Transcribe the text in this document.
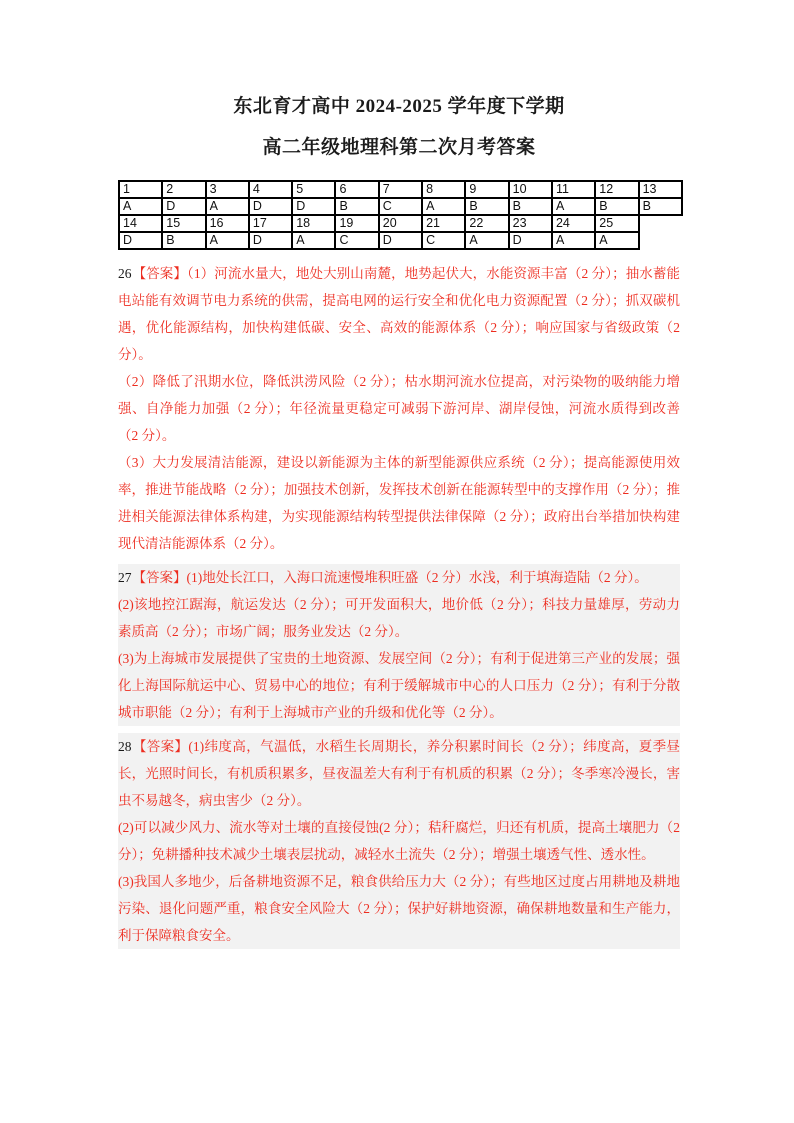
东北育才高中 2024-2025 学年度下学期
高二年级地理科第二次月考答案
1	2	3	4	5	6	7	8	9	10	11	12	13
A	D	A	D	D	B	C	A	B	B	A	B	B
14	15	16	17	18	19	20	21	22	23	24	25	
D	B	A	D	A	C	D	C	A	D	A	A	

26【答案】（1）河流水量大，地处大别山南麓，地势起伏大，水能资源丰富（2 分）；抽水蓄能电站能有效调节电力系统的供需，提高电网的运行安全和优化电力资源配置（2 分）；抓双碳机遇，优化能源结构，加快构建低碳、安全、高效的能源体系（2 分）；响应国家与省级政策（2 分）。

（2）降低了汛期水位，降低洪涝风险（2 分）；枯水期河流水位提高，对污染物的吸纳能力增强、自净能力加强（2 分）；年径流量更稳定可减弱下游河岸、湖岸侵蚀，河流水质得到改善（2 分）。

（3）大力发展清洁能源，建设以新能源为主体的新型能源供应系统（2 分）；提高能源使用效率，推进节能战略（2 分）；加强技术创新，发挥技术创新在能源转型中的支撑作用（2 分）；推进相关能源法律体系构建，为实现能源结构转型提供法律保障（2 分）；政府出台举措加快构建现代清洁能源体系（2 分）。

27【答案】(1)地处长江口，入海口流速慢堆积旺盛（2 分）水浅，利于填海造陆（2 分）。

(2)该地控江踞海，航运发达（2 分）；可开发面积大，地价低（2 分）；科技力量雄厚，劳动力素质高（2 分）；市场广阔；服务业发达（2 分）。

(3)为上海城市发展提供了宝贵的土地资源、发展空间（2 分）；有利于促进第三产业的发展；强化上海国际航运中心、贸易中心的地位；有利于缓解城市中心的人口压力（2 分）；有利于分散城市职能（2 分）；有利于上海城市产业的升级和优化等（2 分）。

28【答案】(1)纬度高，气温低，水稻生长周期长，养分积累时间长（2 分）；纬度高，夏季昼长，光照时间长，有机质积累多，昼夜温差大有利于有机质的积累（2 分）；冬季寒冷漫长，害虫不易越冬，病虫害少（2 分）。

(2)可以减少风力、流水等对土壤的直接侵蚀(2 分）；秸秆腐烂，归还有机质，提高土壤肥力（2 分）；免耕播种技术减少土壤表层扰动，减轻水土流失（2 分）；增强土壤透气性、透水性。

(3)我国人多地少，后备耕地资源不足，粮食供给压力大（2 分）；有些地区过度占用耕地及耕地污染、退化问题严重，粮食安全风险大（2 分）；保护好耕地资源，确保耕地数量和生产能力，利于保障粮食安全。
